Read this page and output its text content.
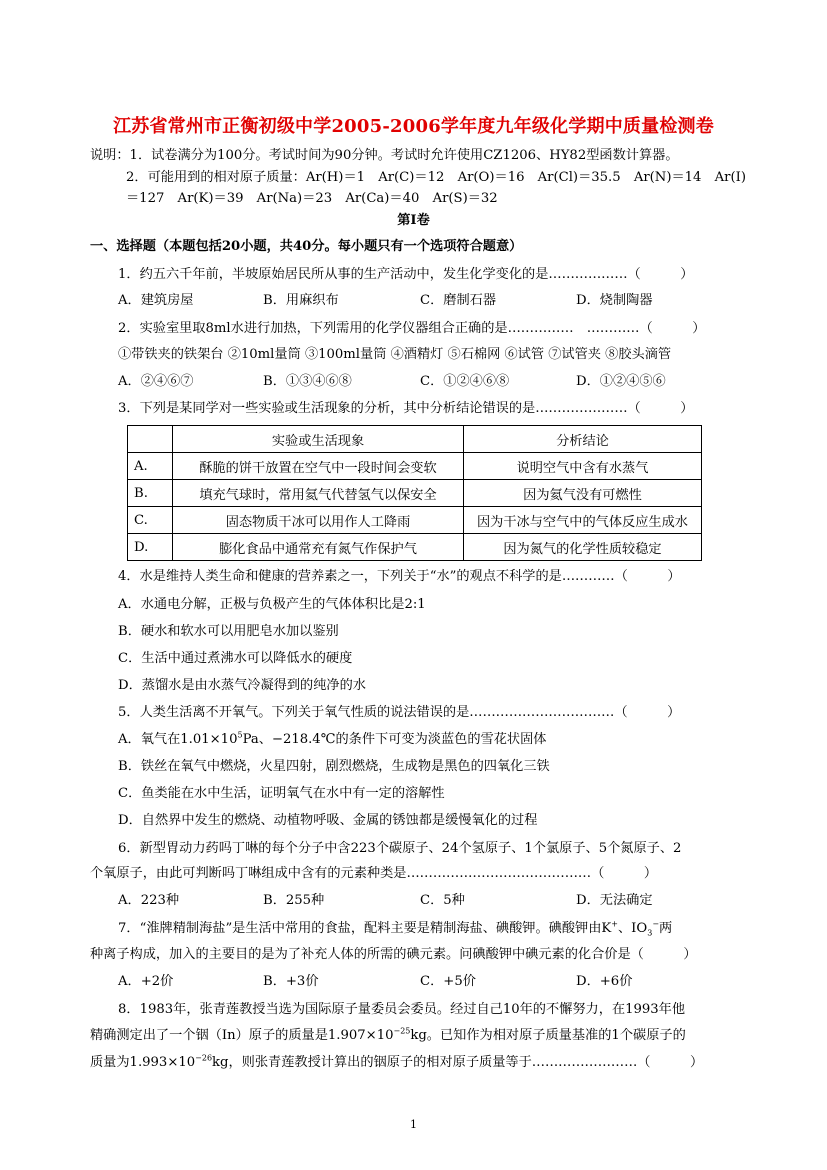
江苏省常州市正衡初级中学2005-2006学年度九年级化学期中质量检测卷
说明：1．试卷满分为100分。考试时间为90分钟。考试时允许使用CZ1206、HY82型函数计算器。
2．可能用到的相对原子质量：Ar(H)＝1　Ar(C)＝12　Ar(O)＝16　Ar(Cl)＝35.5　Ar(N)＝14　Ar(I)
＝127　Ar(K)＝39　Ar(Na)＝23　Ar(Ca)＝40　Ar(S)＝32
第Ⅰ卷
一、选择题（本题包括20小题，共40分。每小题只有一个选项符合题意）
1．约五六千年前，半坡原始居民所从事的生产活动中，发生化学变化的是………………（　　　）
A．建筑房屋	B．用麻织布	C．磨制石器	D．烧制陶器
2．实验室里取8ml水进行加热，下列需用的化学仪器组合正确的是……………　…………（　　　）
①带铁夹的铁架台 ②10ml量筒 ③100ml量筒 ④酒精灯 ⑤石棉网 ⑥试管 ⑦试管夹 ⑧胶头滴管
A．②④⑥⑦	B．①③④⑥⑧	C．①②④⑥⑧	D．①②④⑤⑥
3．下列是某同学对一些实验或生活现象的分析，其中分析结论错误的是…………………（　　　）
	实验或生活现象	分析结论
A.	酥脆的饼干放置在空气中一段时间会变软	说明空气中含有水蒸气
B.	填充气球时，常用氦气代替氢气以保安全	因为氦气没有可燃性
C.	固态物质干冰可以用作人工降雨	因为干冰与空气中的气体反应生成水
D.	膨化食品中通常充有氮气作保护气	因为氮气的化学性质较稳定
4．水是维持人类生命和健康的营养素之一，下列关于“水”的观点不科学的是…………（　　　）
A．水通电分解，正极与负极产生的气体体积比是2:1
B．硬水和软水可以用肥皂水加以鉴别
C．生活中通过煮沸水可以降低水的硬度
D．蒸馏水是由水蒸气冷凝得到的纯净的水
5．人类生活离不开氧气。下列关于氧气性质的说法错误的是……………………………（　　　）
A．氧气在$1.01\times 10^5Pa$、−218.4℃的条件下可变为淡蓝色的雪花状固体
B．铁丝在氧气中燃烧，火星四射，剧烈燃烧，生成物是黑色的四氧化三铁
C．鱼类能在水中生活，证明氧气在水中有一定的溶解性
D．自然界中发生的燃烧、动植物呼吸、金属的锈蚀都是缓慢氧化的过程
6．新型胃动力药吗丁啉的每个分子中含223个碳原子、24个氢原子、1个氯原子、5个氮原子、2
个氧原子，由此可判断吗丁啉组成中含有的元素种类是……………………………………（　　　）
A．223种	B．255种	C．5种	D．无法确定
7．“淮牌精制海盐”是生活中常用的食盐，配料主要是精制海盐、碘酸钾。碘酸钾由K+、$IO_3^-$两
种离子构成，加入的主要目的是为了补充人体的所需的碘元素。问碘酸钾中碘元素的化合价是（　　　）
A．+2价	B．+3价	C．+5价	D．+6价
8．1983年，张青莲教授当选为国际原子量委员会委员。经过自己10年的不懈努力，在1993年他
精确测定出了一个铟（In）原子的质量是$1.907\times 10^{-25}kg$。已知作为相对原子质量基准的1个碳原子的
质量为$1.993\times 10^{-26}kg$，则张青莲教授计算出的铟原子的相对原子质量等于……………………（　　　）
1
